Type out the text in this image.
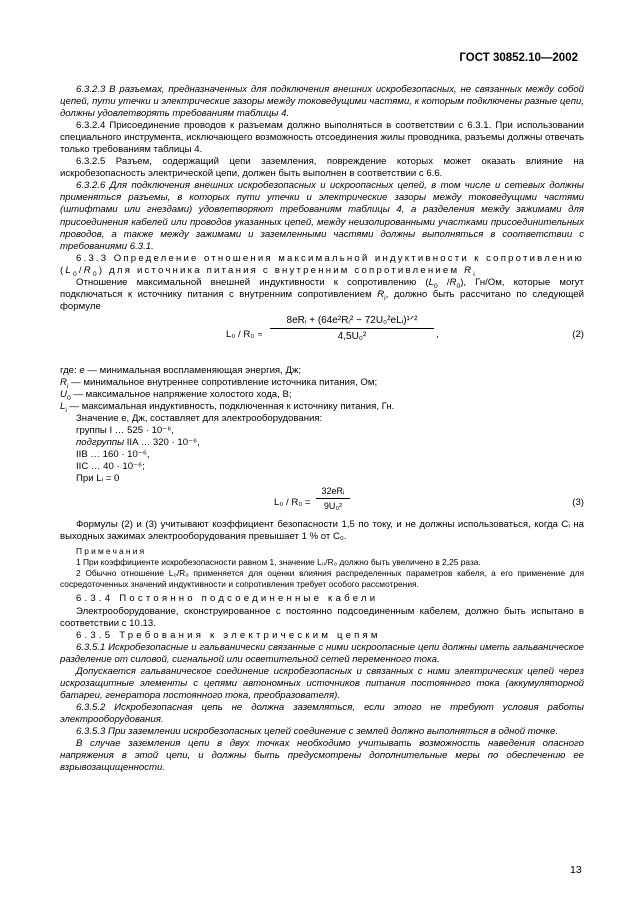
ГОСТ 30852.10—2002

6.3.2.3 В разъемах, предназначенных для подключения внешних искробезопасных, не связанных между собой цепей, пути утечки и электрические зазоры между токоведущими частями, к которым подключены разные цепи, должны удовлетворять требованиям таблицы 4.

6.3.2.4 Присоединение проводов к разъемам должно выполняться в соответствии с 6.3.1. При использовании специального инструмента, исключающего возможность отсоединения жилы проводника, разъемы должны отвечать только требованиям таблицы 4.

6.3.2.5 Разъем, содержащий цепи заземления, повреждение которых может оказать влияние на искробезопасность электрической цепи, должен быть выполнен в соответствии с 6.6.

6.3.2.6 Для подключения внешних искробезопасных и искроопасных цепей, в том числе и сетевых должны применяться разъемы, в которых пути утечки и электрические зазоры между токоведущими частями (штифтами или гнездами) удовлетворяют требованиям таблицы 4, а разделения между зажимами для присоединения кабелей или проводов указанных цепей, между неизолированными участками присоединительных проводов, а также между зажимами и заземленными частями должны выполняться в соответствии с требованиями 6.3.1.

6.3.3 Определение отношения максимальной индуктивности к сопротивлению $(L_0/R_0)$ для источника питания с внутренним сопротивлением $R_i$

Отношение максимальной внешней индуктивности к сопротивлению ($L_0$ $/R_0$), Гн/Ом, которые могут подключаться к источнику питания с внутренним сопротивлением $R_i$, должно быть рассчитано по следующей формуле

L₀ / R₀ ≈
8eRᵢ + (64e²Rᵢ² − 72U₀²eLᵢ)¹ᐟ²
4,5U₀²	,	(2)

где: e — минимальная воспламеняющая энергия, Дж;

$R_i$ — минимальное внутреннее сопротивление источника питания, Ом;

$U_0$ — максимальное напряжение холостого хода, В;

$L_i$ — максимальная индуктивность, подключенная к источнику питания, Гн.

Значение e, Дж, составляет для электрооборудования:

группы I … 525 · 10⁻⁶,

подгруппы IIA … 320 · 10⁻⁶,

IIB … 160 · 10⁻⁶,

IIC … 40 · 10⁻⁶;

При Lᵢ = 0

L₀ / R₀ =
32eRᵢ
9U₀²	(3)

Формулы (2) и (3) учитывают коэффициент безопасности 1,5 по току, и не должны использоваться, когда Cᵢ на выходных зажимах электрооборудования превышает 1 % от C₀.

Примечания

1 При коэффициенте искробезопасности равном 1, значение L₀/R₀ должно быть увеличено в 2,25 раза.

2 Обычно отношение L₀/R₀ применяется для оценки влияния распределенных параметров кабеля, а его применение для сосредоточенных значений индуктивности и сопротивления требует особого рассмотрения.

6.3.4 Постоянно подсоединенные кабели

Электрооборудование, сконструированное с постоянно подсоединенным кабелем, должно быть испытано в соответствии с 10.13.

6.3.5 Требования к электрическим цепям

6.3.5.1 Искробезопасные и гальванически связанные с ними искроопасные цепи должны иметь гальваническое разделение от силовой, сигнальной или осветительной сетей переменного тока.

Допускается гальваническое соединение искробезопасных и связанных с ними электрических цепей через искрозащитные элементы с цепями автономных источников питания постоянного тока (аккумуляторной батареи, генератора постоянного тока, преобразователя).

6.3.5.2 Искробезопасная цепь не должна заземляться, если этого не требуют условия работы электрооборудования.

6.3.5.3 При заземлении искробезопасных цепей соединение с землей должно выполняться в одной точке.

В случае заземления цепи в двух точках необходимо учитывать возможность наведения опасного напряжения в этой цепи, и должны быть предусмотрены дополнительные меры по обеспечению ее взрывозащищенности.

13
